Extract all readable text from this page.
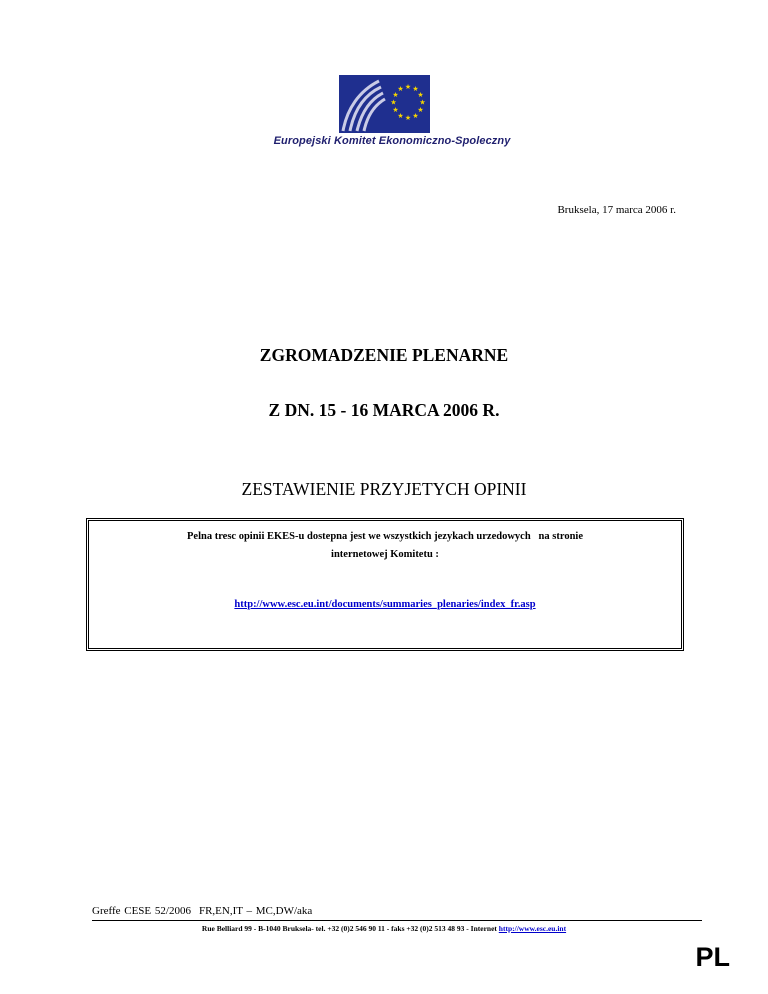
★ ★
★
★
★
★
★
★
★
★
★
★
Europejski Komitet Ekonomiczno-Spoleczny
Bruksela, 17 marca 2006 r.
ZGROMADZENIE PLENARNE
Z DN. 15 - 16 MARCA 2006 R.
ZESTAWIENIE PRZYJETYCH OPINII
Pelna tresc opinii EKES-u dostepna jest we wszystkich jezykach urzedowych   na stronie
internetowej Komitetu :
http://www.esc.eu.int/documents/summaries_plenaries/index_fr.asp
Greffe CESE 52/2006 FR,EN,IT – MC,DW/aka
Rue Belliard 99 - B-1040 Bruksela- tel. +32 (0)2 546 90 11 - faks +32 (0)2 513 48 93 - Internet http://www.esc.eu.int
PL
